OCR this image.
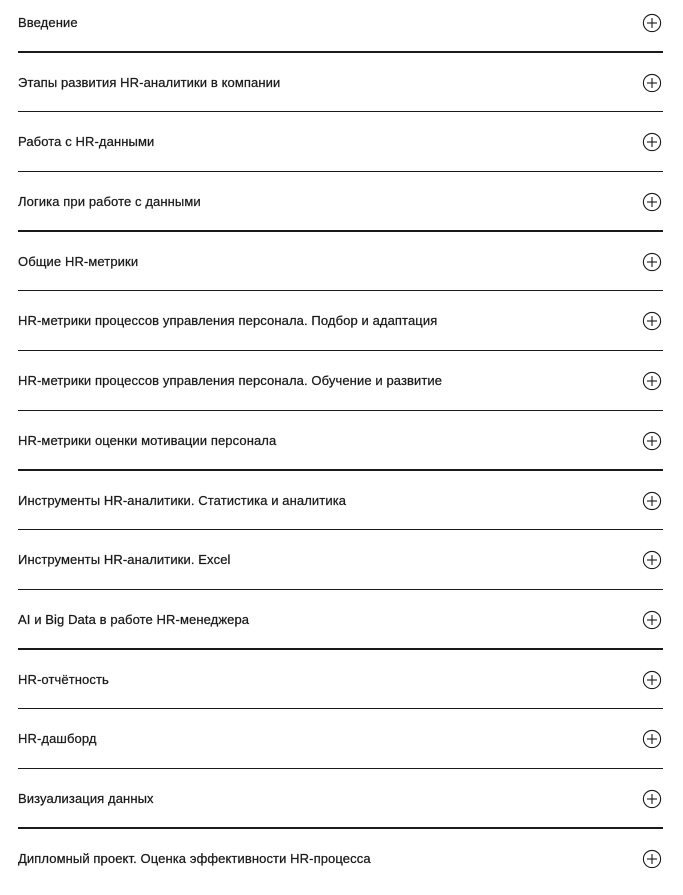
Введение
Этапы развития HR-аналитики в компании
Работа с HR-данными
Логика при работе с данными
Общие HR-метрики
HR-метрики процессов управления персонала. Подбор и адаптация
HR-метрики процессов управления персонала. Обучение и развитие
HR-метрики оценки мотивации персонала
Инструменты HR-аналитики. Статистика и аналитика
Инструменты HR-аналитики. Excel
AI и Big Data в работе HR-менеджера
HR-отчётность
HR-дашборд
Визуализация данных
Дипломный проект. Оценка эффективности HR-процесса
